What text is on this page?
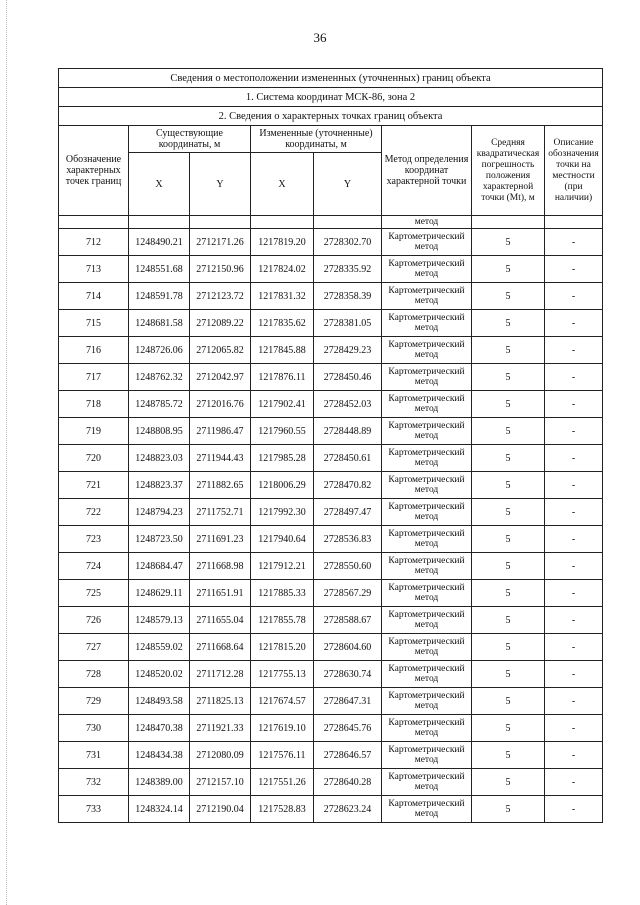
36
Сведения о местоположении измененных (уточненных) границ объекта							
1. Система координат МСК-86, зона 2							
2. Сведения о характерных точках границ объекта							
Обозначение характерных точек границ	Существующие координаты, м		Измененные (уточненные) координаты, м		Метод определения координат характерной точки	Средняя квадратическая погрешность положения характерной точки (Mt), м	Описание обозначения точки на местности (при наличии)
	X	Y	X	Y			
					метод		
712	1248490.21	2712171.26	1217819.20	2728302.70	Картометрический метод	5	-
713	1248551.68	2712150.96	1217824.02	2728335.92	Картометрический метод	5	-
714	1248591.78	2712123.72	1217831.32	2728358.39	Картометрический метод	5	-
715	1248681.58	2712089.22	1217835.62	2728381.05	Картометрический метод	5	-
716	1248726.06	2712065.82	1217845.88	2728429.23	Картометрический метод	5	-
717	1248762.32	2712042.97	1217876.11	2728450.46	Картометрический метод	5	-
718	1248785.72	2712016.76	1217902.41	2728452.03	Картометрический метод	5	-
719	1248808.95	2711986.47	1217960.55	2728448.89	Картометрический метод	5	-
720	1248823.03	2711944.43	1217985.28	2728450.61	Картометрический метод	5	-
721	1248823.37	2711882.65	1218006.29	2728470.82	Картометрический метод	5	-
722	1248794.23	2711752.71	1217992.30	2728497.47	Картометрический метод	5	-
723	1248723.50	2711691.23	1217940.64	2728536.83	Картометрический метод	5	-
724	1248684.47	2711668.98	1217912.21	2728550.60	Картометрический метод	5	-
725	1248629.11	2711651.91	1217885.33	2728567.29	Картометрический метод	5	-
726	1248579.13	2711655.04	1217855.78	2728588.67	Картометрический метод	5	-
727	1248559.02	2711668.64	1217815.20	2728604.60	Картометрический метод	5	-
728	1248520.02	2711712.28	1217755.13	2728630.74	Картометрический метод	5	-
729	1248493.58	2711825.13	1217674.57	2728647.31	Картометрический метод	5	-
730	1248470.38	2711921.33	1217619.10	2728645.76	Картометрический метод	5	-
731	1248434.38	2712080.09	1217576.11	2728646.57	Картометрический метод	5	-
732	1248389.00	2712157.10	1217551.26	2728640.28	Картометрический метод	5	-
733	1248324.14	2712190.04	1217528.83	2728623.24	Картометрический метод	5	-
